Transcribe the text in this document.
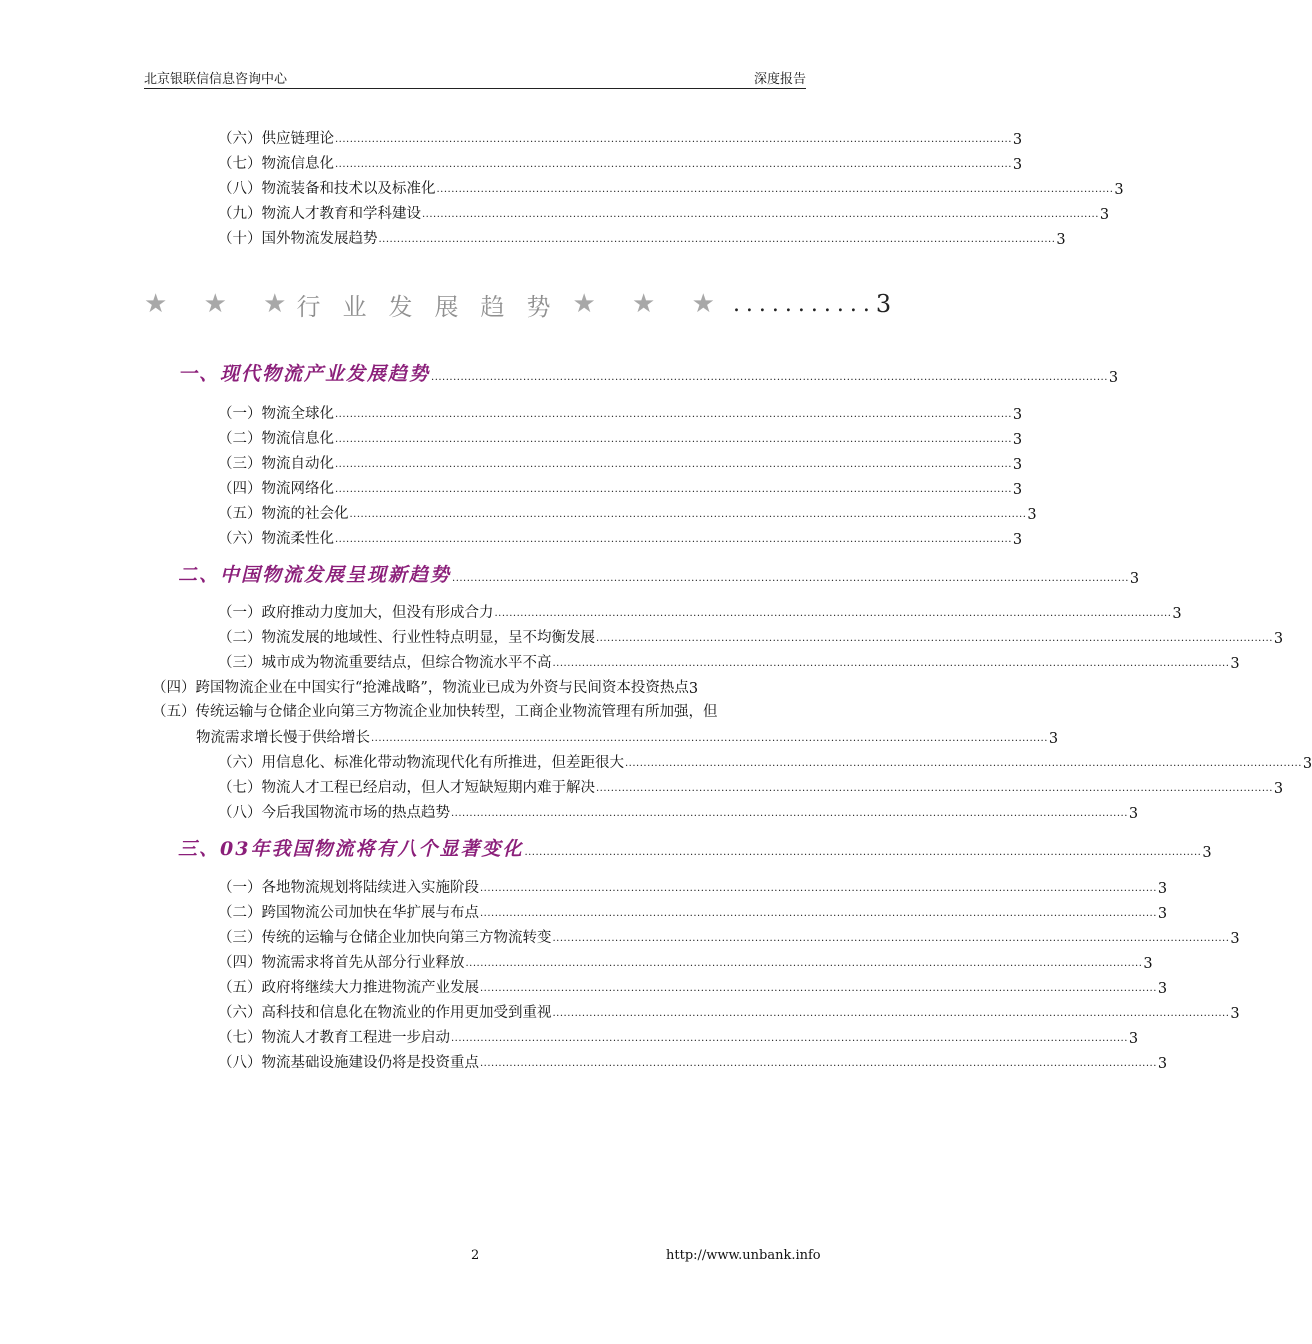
北京银联信信息咨询中心	深度报告
（六）供应链理论 ........................................................................................................................................................................................ 3
（七）物流信息化 ........................................................................................................................................................................................ 3
（八）物流装备和技术以及标准化 ........................................................................................................................................................................................ 3
（九）物流人才教育和学科建设 ........................................................................................................................................................................................ 3
（十）国外物流发展趋势 ........................................................................................................................................................................................ 3
★ ★ ★
行业发展趋势 ★ ★ ★ ........... 3
一、现代物流产业发展趋势 ........................................................................................................................................................................................ 3
（一）物流全球化 ........................................................................................................................................................................................ 3
（二）物流信息化 ........................................................................................................................................................................................ 3
（三）物流自动化 ........................................................................................................................................................................................ 3
（四）物流网络化 ........................................................................................................................................................................................ 3
（五）物流的社会化 ........................................................................................................................................................................................ 3
（六）物流柔性化 ........................................................................................................................................................................................ 3
二、中国物流发展呈现新趋势 ........................................................................................................................................................................................ 3
（一）政府推动力度加大，但没有形成合力 ........................................................................................................................................................................................ 3
（二）物流发展的地域性、行业性特点明显，呈不均衡发展 ........................................................................................................................................................................................ 3
（三）城市成为物流重要结点，但综合物流水平不高 ........................................................................................................................................................................................ 3
（四）跨国物流企业在中国实行“抢滩战略”，物流业已成为外资与民间资本投资热点 3
（五）传统运输与仓储企业向第三方物流企业加快转型，工商企业物流管理有所加强，但
物流需求增长慢于供给增长 ........................................................................................................................................................................................ 3
（六）用信息化、标准化带动物流现代化有所推进，但差距很大 ........................................................................................................................................................................................ 3
（七）物流人才工程已经启动，但人才短缺短期内难于解决 ........................................................................................................................................................................................ 3
（八）今后我国物流市场的热点趋势 ........................................................................................................................................................................................ 3
三、03年我国物流将有八个显著变化 ........................................................................................................................................................................................ 3
（一）各地物流规划将陆续进入实施阶段 ........................................................................................................................................................................................ 3
（二）跨国物流公司加快在华扩展与布点 ........................................................................................................................................................................................ 3
（三）传统的运输与仓储企业加快向第三方物流转变 ........................................................................................................................................................................................ 3
（四）物流需求将首先从部分行业释放 ........................................................................................................................................................................................ 3
（五）政府将继续大力推进物流产业发展 ........................................................................................................................................................................................ 3
（六）高科技和信息化在物流业的作用更加受到重视 ........................................................................................................................................................................................ 3
（七）物流人才教育工程进一步启动 ........................................................................................................................................................................................ 3
（八）物流基础设施建设仍将是投资重点 ........................................................................................................................................................................................ 3
2	http://www.unbank.info
